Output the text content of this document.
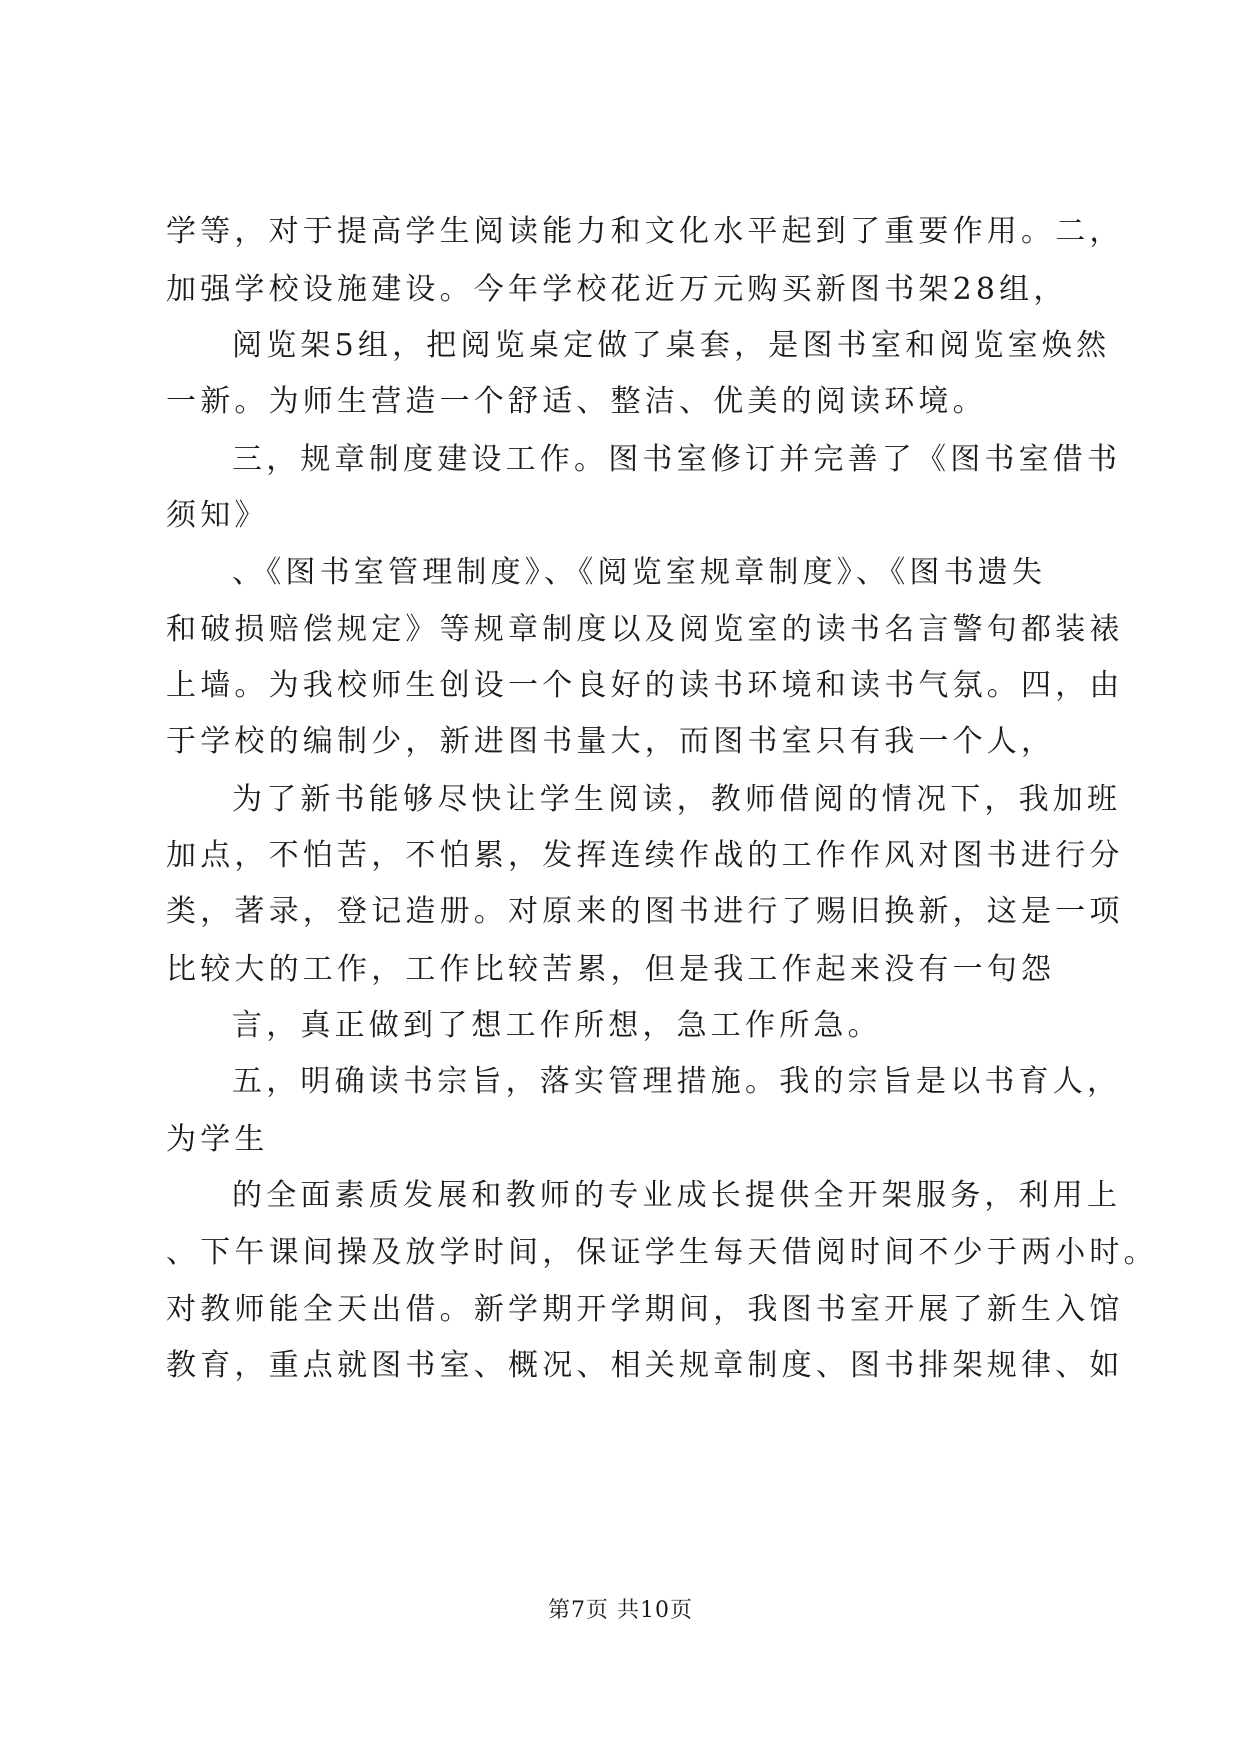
学等，对于提高学生阅读能力和文化水平起到了重要作用。二，
加强学校设施建设。今年学校花近万元购买新图书架28组，
阅览架5组，把阅览桌定做了桌套，是图书室和阅览室焕然
一新。为师生营造一个舒适、整洁、优美的阅读环境。
三，规章制度建设工作。图书室修订并完善了《图书室借书
须知》
、《图书室管理制度》、《阅览室规章制度》、《图书遗失
和破损赔偿规定》等规章制度以及阅览室的读书名言警句都装裱
上墙。为我校师生创设一个良好的读书环境和读书气氛。四，由
于学校的编制少，新进图书量大，而图书室只有我一个人，
为了新书能够尽快让学生阅读，教师借阅的情况下，我加班
加点，不怕苦，不怕累，发挥连续作战的工作作风对图书进行分
类，著录，登记造册。对原来的图书进行了赐旧换新，这是一项
比较大的工作，工作比较苦累，但是我工作起来没有一句怨
言，真正做到了想工作所想，急工作所急。
五，明确读书宗旨，落实管理措施。我的宗旨是以书育人，
为学生
的全面素质发展和教师的专业成长提供全开架服务，利用上
、下午课间操及放学时间，保证学生每天借阅时间不少于两小时。
对教师能全天出借。新学期开学期间，我图书室开展了新生入馆
教育，重点就图书室、概况、相关规章制度、图书排架规律、如
第7页 共10页
